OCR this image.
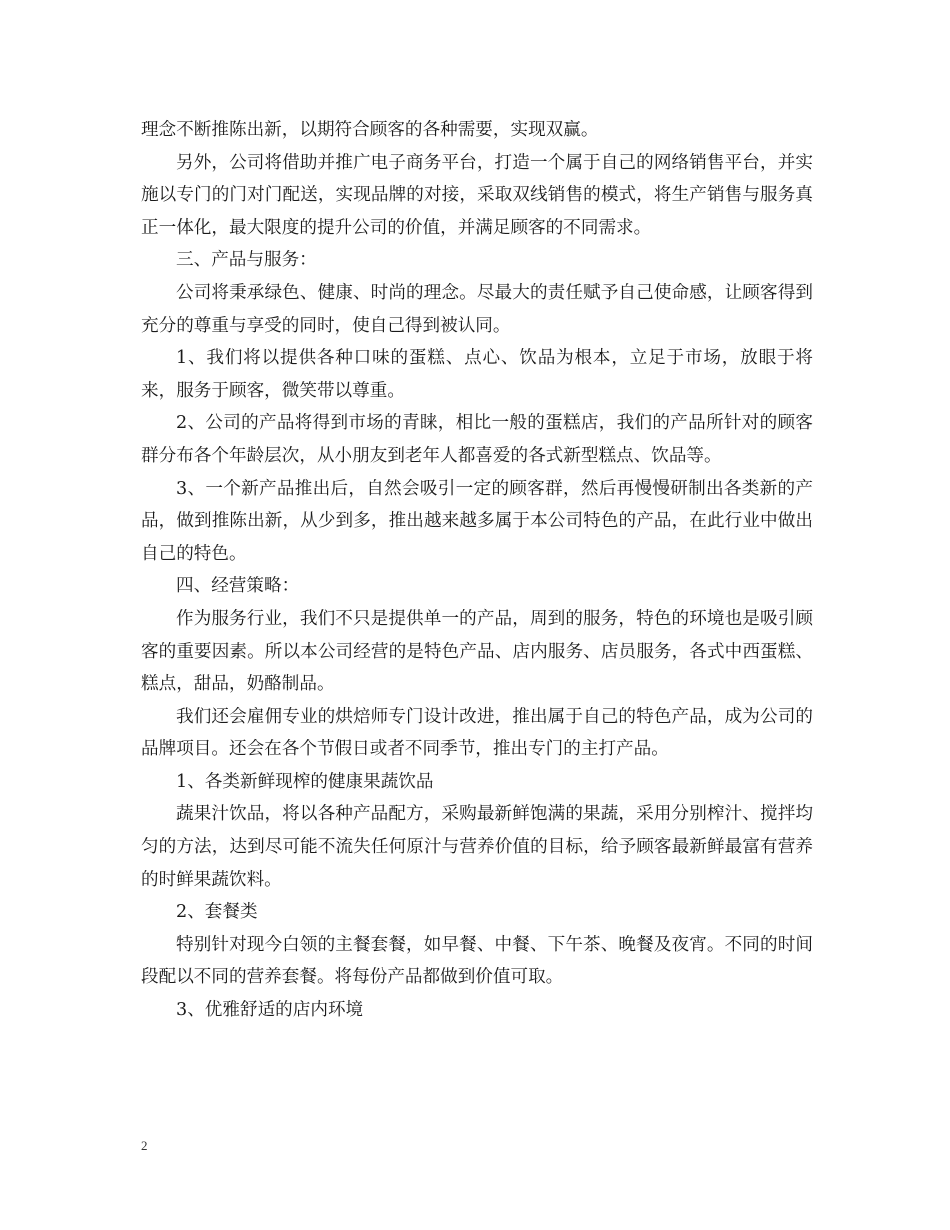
理念不断推陈出新，以期符合顾客的各种需要，实现双赢。

另外，公司将借助并推广电子商务平台，打造一个属于自己的网络销售平台，并实施以专门的门对门配送，实现品牌的对接，采取双线销售的模式，将生产销售与服务真正一体化，最大限度的提升公司的价值，并满足顾客的不同需求。

三、产品与服务：

公司将秉承绿色、健康、时尚的理念。尽最大的责任赋予自己使命感，让顾客得到充分的尊重与享受的同时，使自己得到被认同。

1、我们将以提供各种口味的蛋糕、点心、饮品为根本，立足于市场，放眼于将来，服务于顾客，微笑带以尊重。

2、公司的产品将得到市场的青睐，相比一般的蛋糕店，我们的产品所针对的顾客群分布各个年龄层次，从小朋友到老年人都喜爱的各式新型糕点、饮品等。

3、一个新产品推出后，自然会吸引一定的顾客群，然后再慢慢研制出各类新的产品，做到推陈出新，从少到多，推出越来越多属于本公司特色的产品，在此行业中做出自己的特色。

四、经营策略：

作为服务行业，我们不只是提供单一的产品，周到的服务，特色的环境也是吸引顾客的重要因素。所以本公司经营的是特色产品、店内服务、店员服务，各式中西蛋糕、糕点，甜品，奶酪制品。

我们还会雇佣专业的烘焙师专门设计改进，推出属于自己的特色产品，成为公司的品牌项目。还会在各个节假日或者不同季节，推出专门的主打产品。

1、各类新鲜现榨的健康果蔬饮品

蔬果汁饮品，将以各种产品配方，采购最新鲜饱满的果蔬，采用分别榨汁、搅拌均匀的方法，达到尽可能不流失任何原汁与营养价值的目标，给予顾客最新鲜最富有营养的时鲜果蔬饮料。

2、套餐类

特别针对现今白领的主餐套餐，如早餐、中餐、下午茶、晚餐及夜宵。不同的时间段配以不同的营养套餐。将每份产品都做到价值可取。

3、优雅舒适的店内环境

2
